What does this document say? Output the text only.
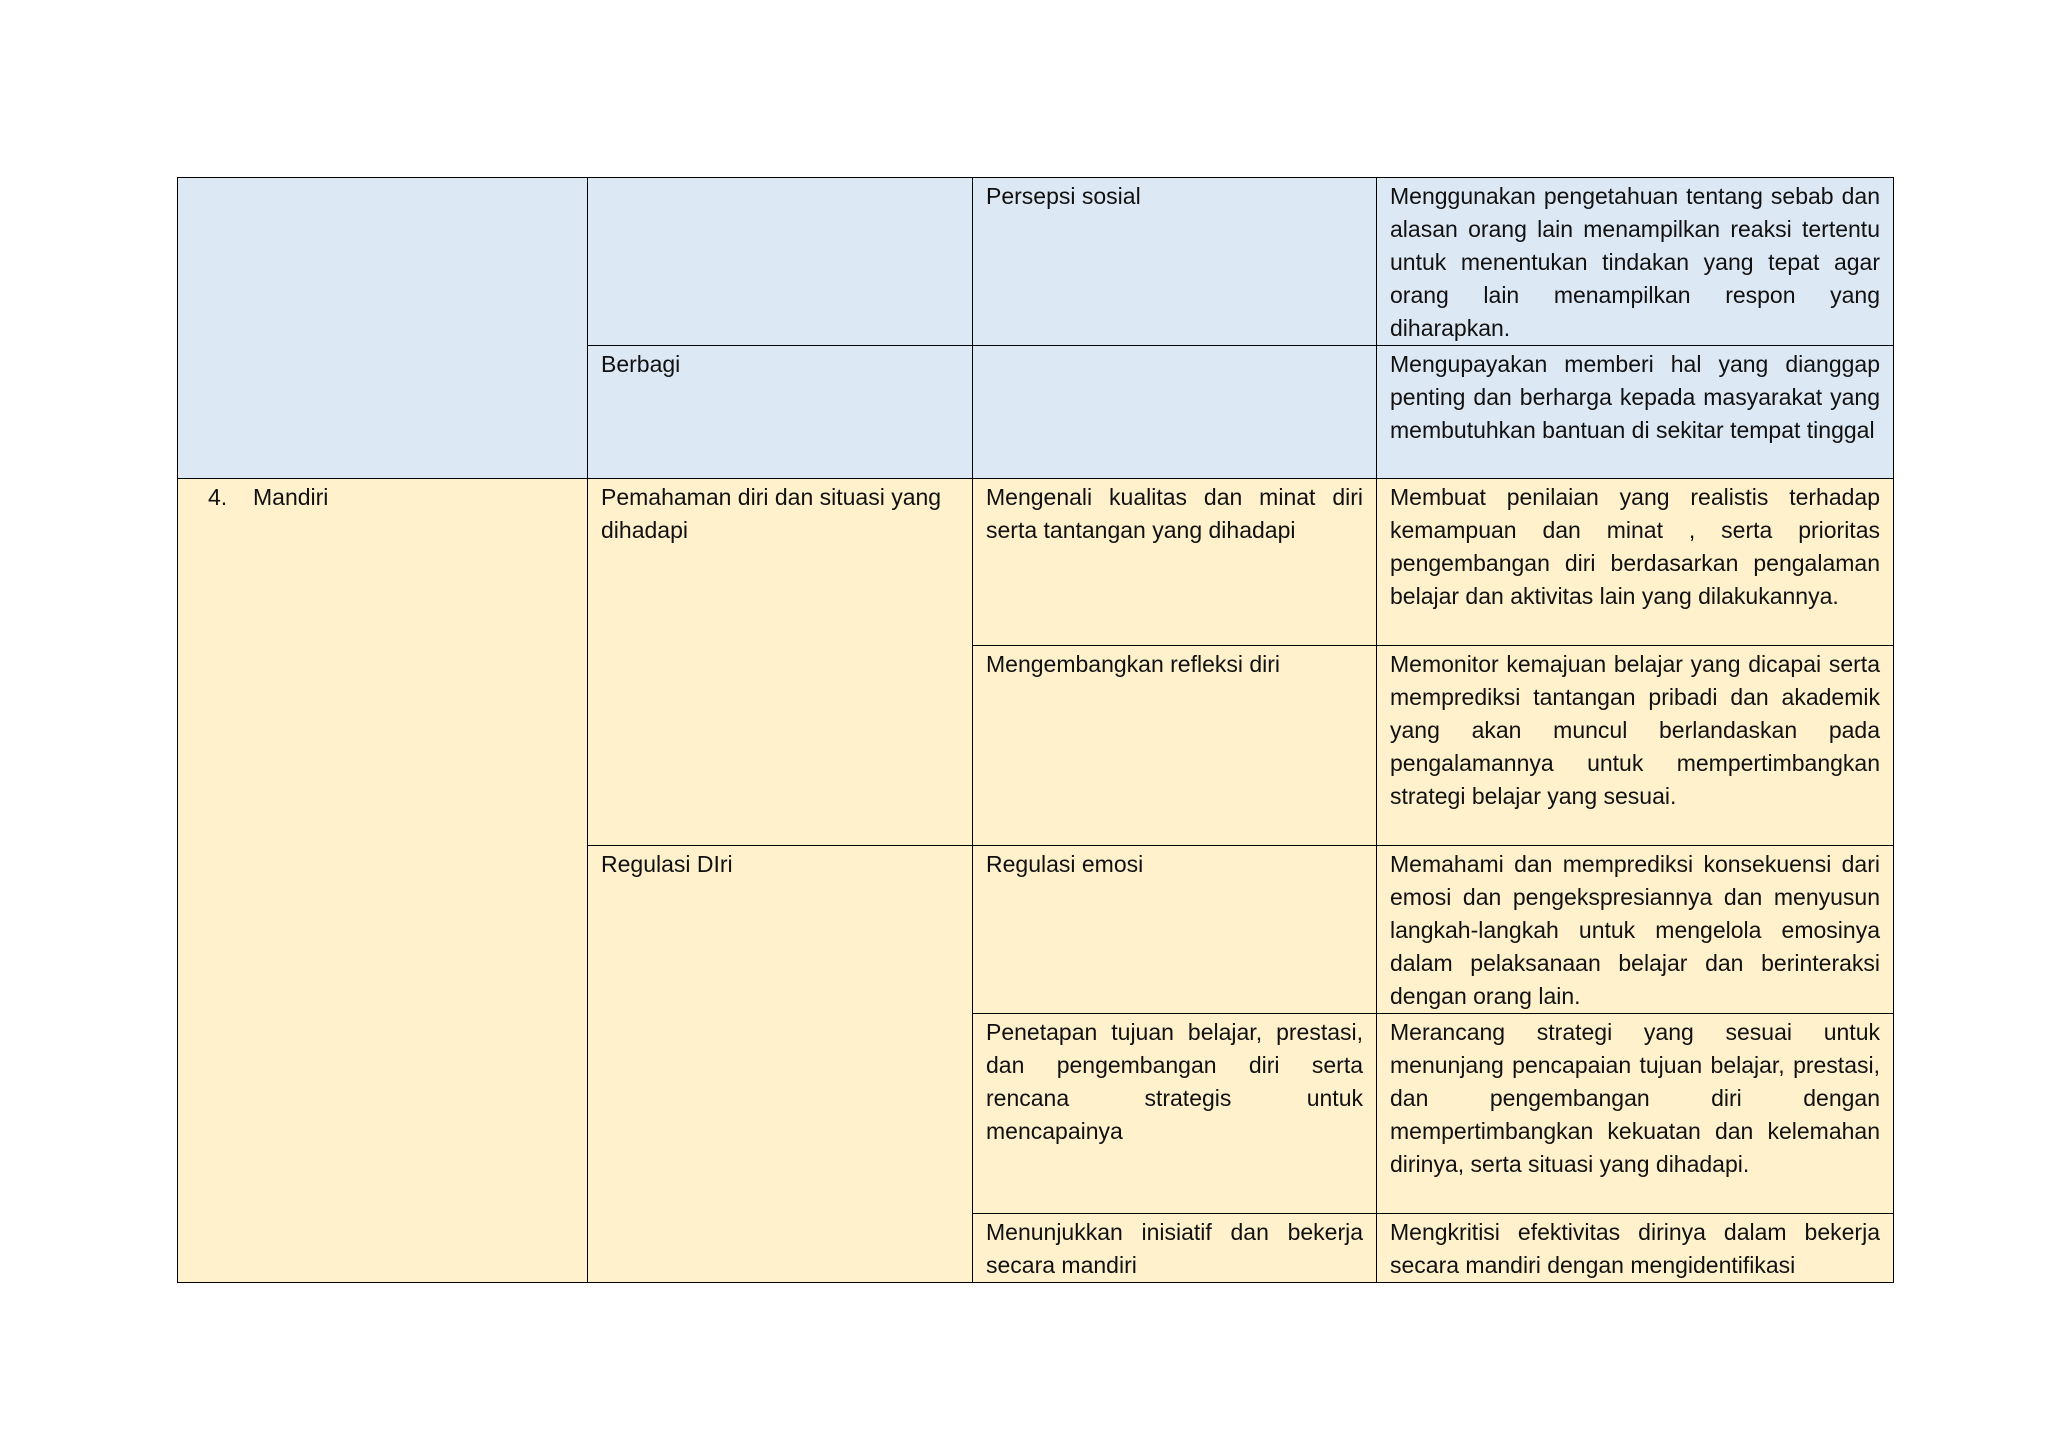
		Persepsi sosial	Menggunakan pengetahuan tentang sebab dan alasan orang lain menampilkan reaksi tertentu untuk menentukan tindakan yang tepat agar orang lain menampilkan respon yang diharapkan.
	Berbagi		Mengupayakan memberi hal yang dianggap penting dan berharga kepada masyarakat yang membutuhkan bantuan di sekitar tempat tinggal

4. Mandiri	Pemahaman diri dan situasi yang dihadapi	Mengenali kualitas dan minat diri serta tantangan yang dihadapi	Membuat penilaian yang realistis terhadap kemampuan dan minat , serta prioritas pengembangan diri berdasarkan pengalaman belajar dan aktivitas lain yang dilakukannya.
		Mengembangkan refleksi diri	Memonitor kemajuan belajar yang dicapai serta memprediksi tantangan pribadi dan akademik yang akan muncul berlandaskan pada pengalamannya untuk mempertimbangkan strategi belajar yang sesuai.
	Regulasi DIri	Regulasi emosi	Memahami dan memprediksi konsekuensi dari emosi dan pengekspresiannya dan menyusun langkah-langkah untuk mengelola emosinya dalam pelaksanaan belajar dan berinteraksi dengan orang lain.
		Penetapan tujuan belajar, prestasi, dan pengembangan diri serta rencana strategis untuk mencapainya	Merancang strategi yang sesuai untuk menunjang pencapaian tujuan belajar, prestasi, dan pengembangan diri dengan mempertimbangkan kekuatan dan kelemahan dirinya, serta situasi yang dihadapi.
		Menunjukkan inisiatif dan bekerja secara mandiri	Mengkritisi efektivitas dirinya dalam bekerja secara mandiri dengan mengidentifikasi
